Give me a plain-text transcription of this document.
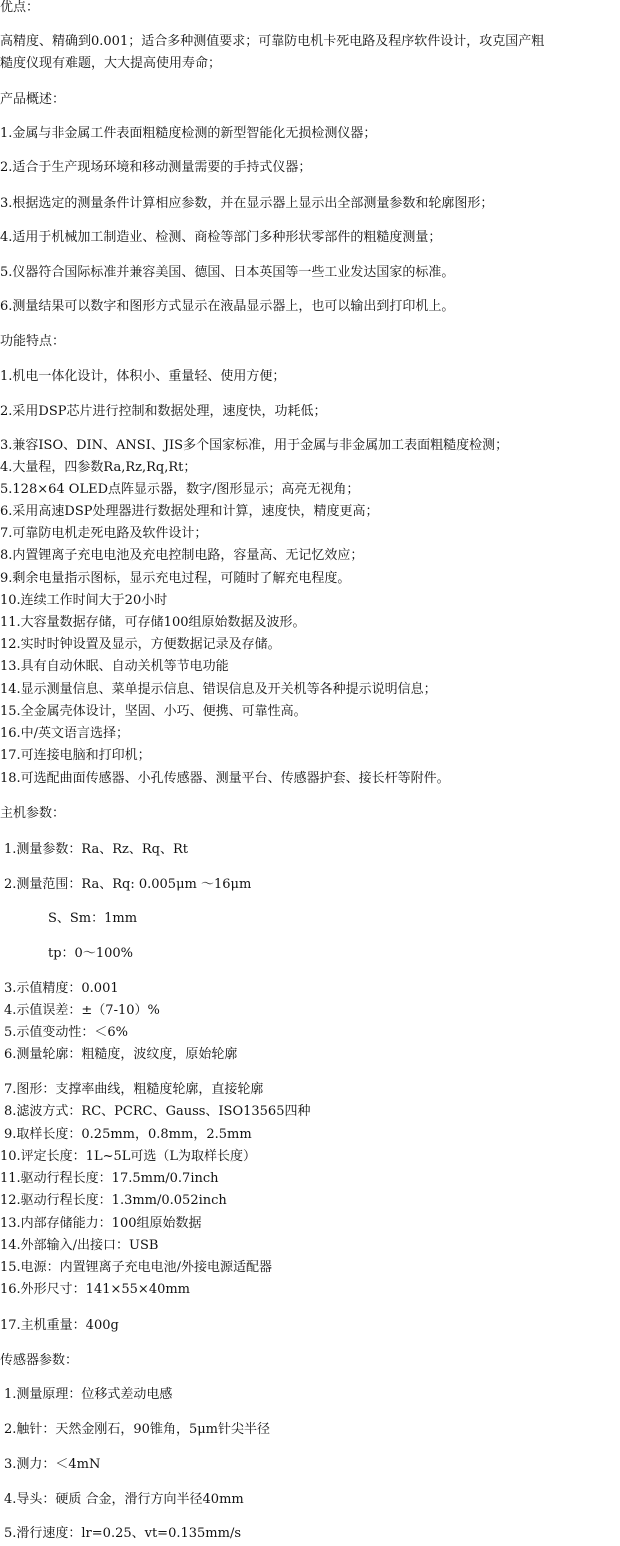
优点：
高精度、精确到0.001；适合多种测值要求；可靠防电机卡死电路及程序软件设计，攻克国产粗
糙度仪现有难题，大大提高使用寿命；
产品概述：
1.金属与非金属工件表面粗糙度检测的新型智能化无损检测仪器；
2.适合于生产现场环境和移动测量需要的手持式仪器；
3.根据选定的测量条件计算相应参数，并在显示器上显示出全部测量参数和轮廓图形；
4.适用于机械加工制造业、检测、商检等部门多种形状零部件的粗糙度测量；
5.仪器符合国际标准并兼容美国、德国、日本英国等一些工业发达国家的标准。
6.测量结果可以数字和图形方式显示在液晶显示器上，也可以输出到打印机上。
功能特点：
1.机电一体化设计，体积小、重量轻、使用方便；
2.采用DSP芯片进行控制和数据处理，速度快，功耗低；
3.兼容ISO、DIN、ANSI、JIS多个国家标准，用于金属与非金属加工表面粗糙度检测；
4.大量程，四参数Ra,Rz,Rq,Rt；
5.128×64 OLED点阵显示器，数字/图形显示；高亮无视角；
6.采用高速DSP处理器进行数据处理和计算，速度快，精度更高；
7.可靠防电机走死电路及软件设计；
8.内置锂离子充电电池及充电控制电路，容量高、无记忆效应；
9.剩余电量指示图标，显示充电过程，可随时了解充电程度。
10.连续工作时间大于20小时
11.大容量数据存储，可存储100组原始数据及波形。
12.实时时钟设置及显示，方便数据记录及存储。
13.具有自动休眠、自动关机等节电功能
14.显示测量信息、菜单提示信息、错误信息及开关机等各种提示说明信息；
15.全金属壳体设计，坚固、小巧、便携、可靠性高。
16.中/英文语言选择；
17.可连接电脑和打印机；
18.可选配曲面传感器、小孔传感器、测量平台、传感器护套、接长杆等附件。
主机参数：
1.测量参数：Ra、Rz、Rq、Rt
2.测量范围：Ra、Rq: 0.005μm ～16μm
S、Sm：1mm
tp：0～100%
3.示值精度：0.001
4.示值误差：±（7-10）%
5.示值变动性：＜6%
6.测量轮廓：粗糙度，波纹度，原始轮廓
7.图形：支撑率曲线，粗糙度轮廓，直接轮廓
8.滤波方式：RC、PCRC、Gauss、ISO13565四种
9.取样长度：0.25mm，0.8mm，2.5mm
10.评定长度：1L~5L可选（L为取样长度）
11.驱动行程长度：17.5mm/0.7inch
12.驱动行程长度：1.3mm/0.052inch
13.内部存储能力：100组原始数据
14.外部输入/出接口：USB
15.电源：内置锂离子充电电池/外接电源适配器
16.外形尺寸：141×55×40mm
17.主机重量：400g
传感器参数：
1.测量原理：位移式差动电感
2.触针：天然金刚石，90锥角，5μm针尖半径
3.测力：＜4mN
4.导头：硬质 合金，滑行方向半径40mm
5.滑行速度：lr=0.25、vt=0.135mm/s
